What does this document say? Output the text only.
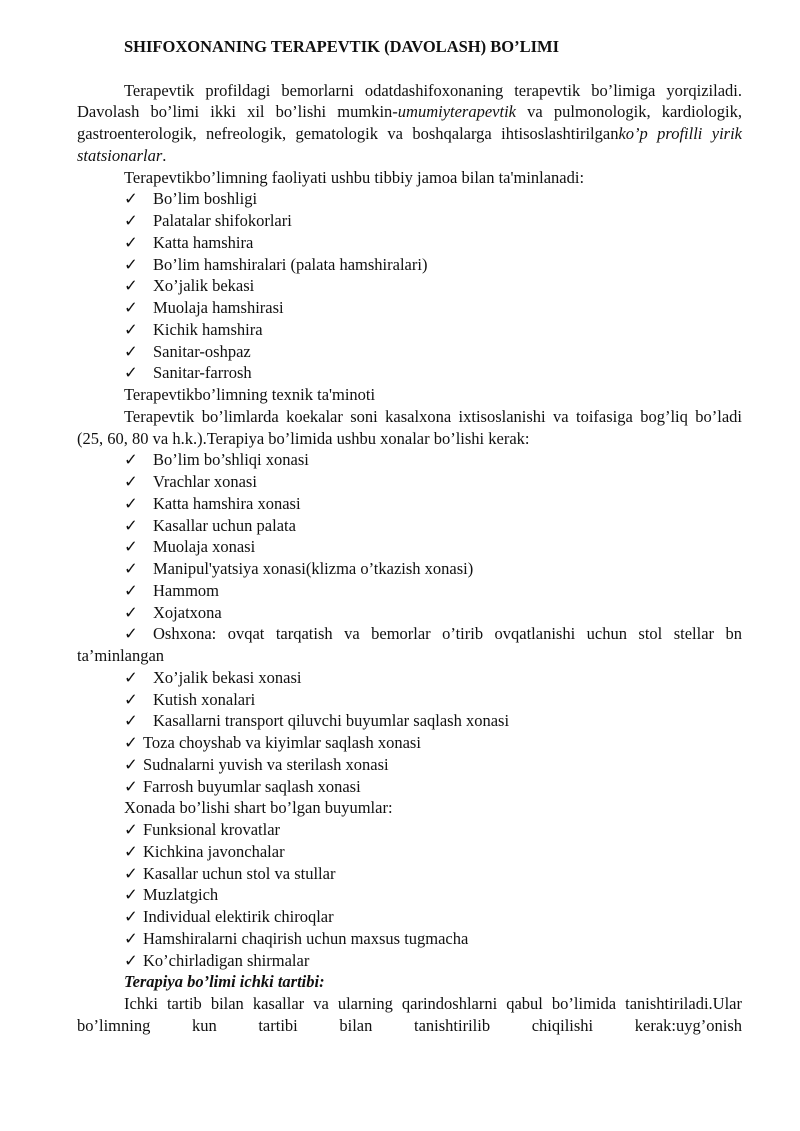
SHIFOXONANING TERAPEVTIK (DAVOLASH) BO’LIMI

Terapevtik profildagi bemorlarni odatdashifoxonaning terapevtik bo’limiga yorqiziladi. Davolash bo’limi ikki xil bo’lishi mumkin-umumiyterapevtik va pulmonologik, kardiologik, gastroenterologik, nefreologik, gematologik va boshqalarga ihtisoslashtirilganko’p profilli yirik statsionarlar.

Terapevtikbo’limning faoliyati ushbu tibbiy jamoa bilan ta'minlanadi:

✓ Bo’lim boshligi

✓ Palatalar shifokorlari

✓ Katta hamshira

✓ Bo’lim hamshiralari (palata hamshiralari)

✓ Xo’jalik bekasi

✓ Muolaja hamshirasi

✓ Kichik hamshira

✓ Sanitar-oshpaz

✓ Sanitar-farrosh

Terapevtikbo’limning texnik ta'minoti

Terapevtik bo’limlarda koekalar soni kasalxona ixtisoslanishi va toifasiga bog’liq bo’ladi (25, 60, 80 va h.k.).Terapiya bo’limida ushbu xonalar bo’lishi kerak:

✓ Bo’lim bo’shliqi xonasi

✓ Vrachlar xonasi

✓ Katta hamshira xonasi

✓ Kasallar uchun palata

✓ Muolaja xonasi

✓ Manipul'yatsiya xonasi(klizma o’tkazish xonasi)

✓ Hammom

✓ Xojatxona

✓ Oshxona: ovqat tarqatish va bemorlar o’tirib ovqatlanishi uchun stol stellar bn ta’minlangan

✓ Xo’jalik bekasi xonasi

✓ Kutish xonalari

✓ Kasallarni transport qiluvchi buyumlar saqlash xonasi

✓ Toza choyshab va kiyimlar saqlash xonasi

✓ Sudnalarni yuvish va sterilash xonasi

✓ Farrosh buyumlar saqlash xonasi

Xonada bo’lishi shart bo’lgan buyumlar:

✓ Funksional krovatlar

✓ Kichkina javonchalar

✓ Kasallar uchun stol va stullar

✓ Muzlatgich

✓ Individual elektirik chiroqlar

✓ Hamshiralarni chaqirish uchun maxsus tugmacha

✓ Ko’chirladigan shirmalar

Terapiya bo’limi ichki tartibi:

Ichki tartib bilan kasallar va ularning qarindoshlarni qabul bo’limida tanishtiriladi.Ular bo’limning kun tartibi bilan tanishtirilib chiqilishi kerak:uyg’onish
